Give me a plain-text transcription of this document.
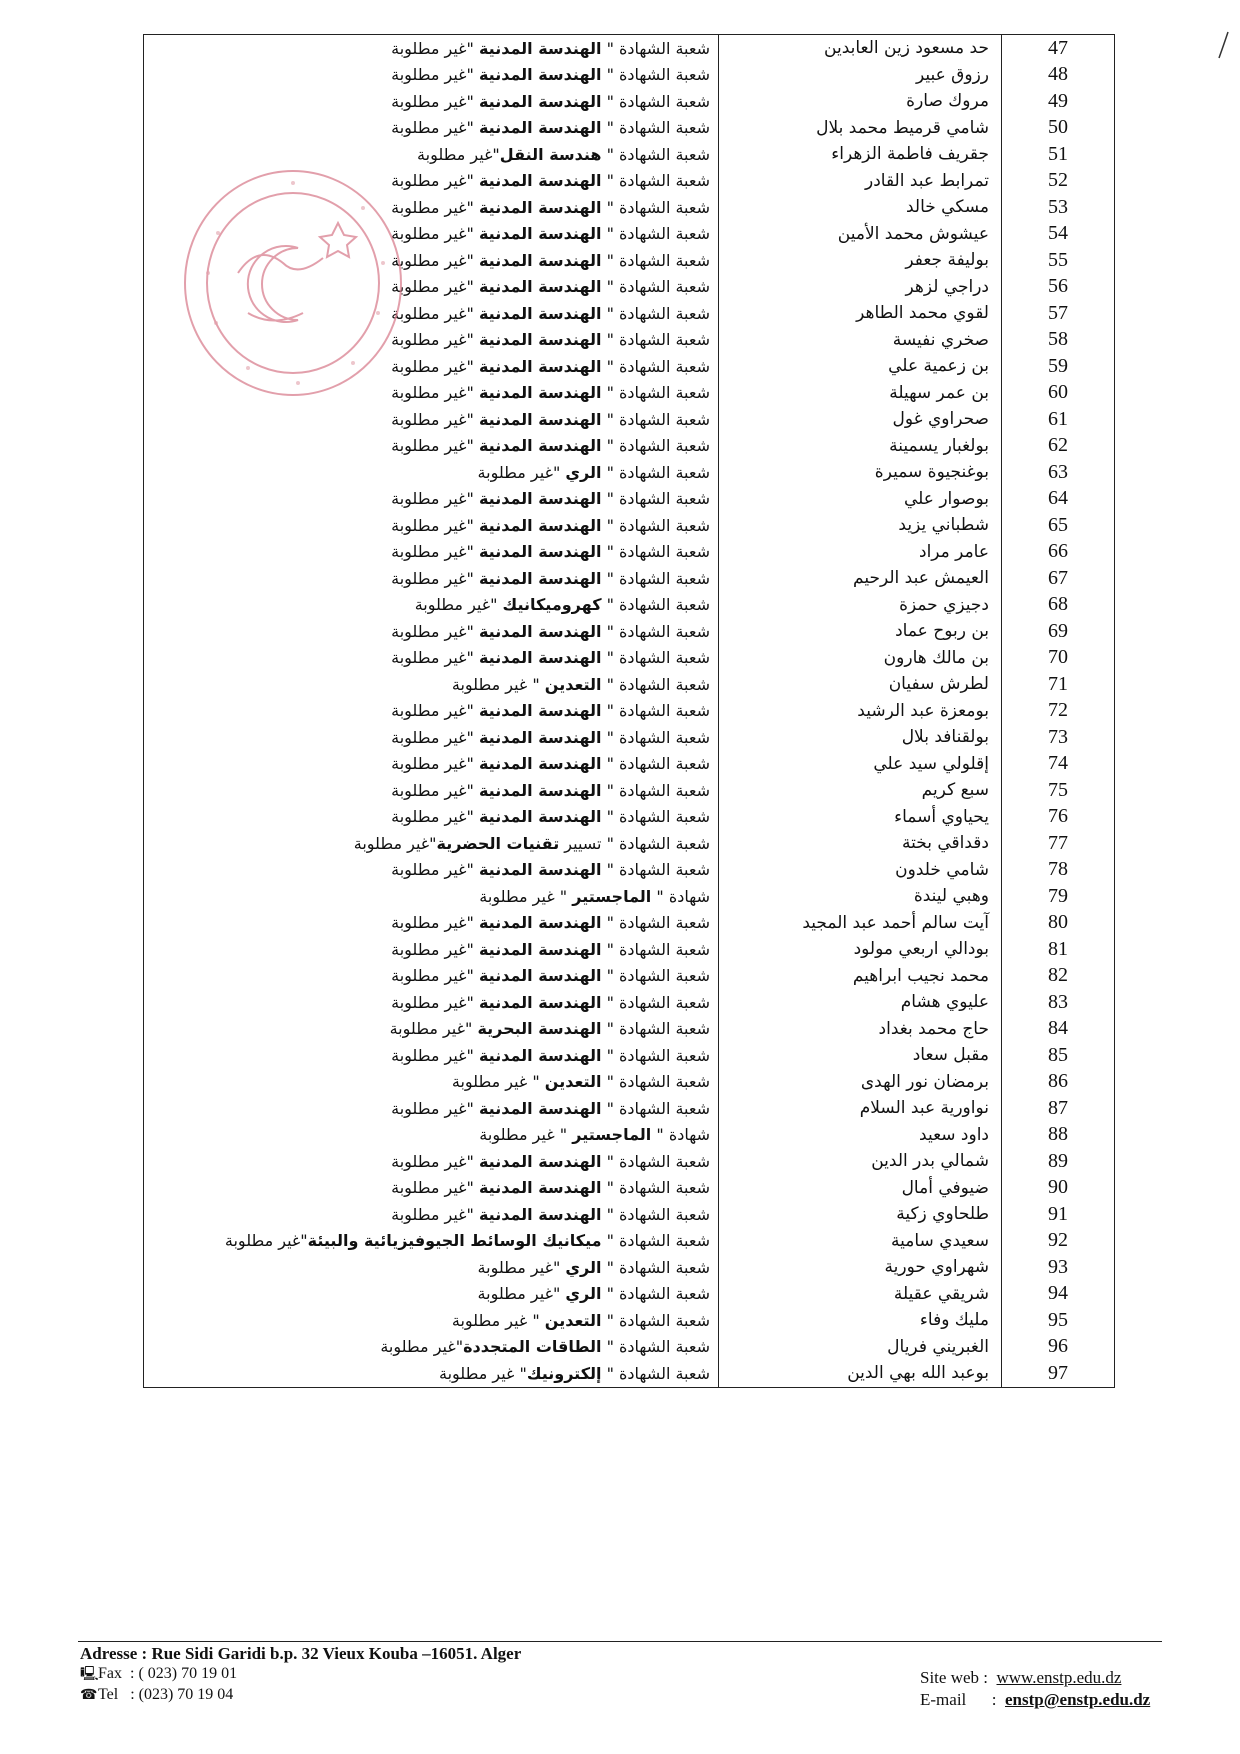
47	حد مسعود زين العابدين	شعبة الشهادة " الهندسة المدنية "غير مطلوبة
48	رزوق عبير	شعبة الشهادة " الهندسة المدنية "غير مطلوبة
49	مروك صارة	شعبة الشهادة " الهندسة المدنية "غير مطلوبة
50	شامي قرميط محمد بلال	شعبة الشهادة " الهندسة المدنية "غير مطلوبة
51	جقريف فاطمة الزهراء	شعبة الشهادة " هندسة النقل"غير مطلوبة
52	تمرابط عبد القادر	شعبة الشهادة " الهندسة المدنية "غير مطلوبة
53	مسكي خالد	شعبة الشهادة " الهندسة المدنية "غير مطلوبة
54	عيشوش محمد الأمين	شعبة الشهادة " الهندسة المدنية "غير مطلوبة
55	بوليفة جعفر	شعبة الشهادة " الهندسة المدنية "غير مطلوبة
56	دراجي لزهر	شعبة الشهادة " الهندسة المدنية "غير مطلوبة
57	لقوي محمد الطاهر	شعبة الشهادة " الهندسة المدنية "غير مطلوبة
58	صخري نفيسة	شعبة الشهادة " الهندسة المدنية "غير مطلوبة
59	بن زعمية علي	شعبة الشهادة " الهندسة المدنية "غير مطلوبة
60	بن عمر سهيلة	شعبة الشهادة " الهندسة المدنية "غير مطلوبة
61	صحراوي غول	شعبة الشهادة " الهندسة المدنية "غير مطلوبة
62	بولغبار يسمينة	شعبة الشهادة " الهندسة المدنية "غير مطلوبة
63	بوغنجيوة سميرة	شعبة الشهادة " الري "غير مطلوبة
64	بوصوار علي	شعبة الشهادة " الهندسة المدنية "غير مطلوبة
65	شطباني يزيد	شعبة الشهادة " الهندسة المدنية "غير مطلوبة
66	عامر مراد	شعبة الشهادة " الهندسة المدنية "غير مطلوبة
67	العيمش عبد الرحيم	شعبة الشهادة " الهندسة المدنية "غير مطلوبة
68	دجيزي حمزة	شعبة الشهادة " كهروميكانيك "غير مطلوبة
69	بن ربوح عماد	شعبة الشهادة " الهندسة المدنية "غير مطلوبة
70	بن مالك هارون	شعبة الشهادة " الهندسة المدنية "غير مطلوبة
71	لطرش سفيان	شعبة الشهادة " التعدين " غير مطلوبة
72	بومعزة عبد الرشيد	شعبة الشهادة " الهندسة المدنية "غير مطلوبة
73	بولقنافد بلال	شعبة الشهادة " الهندسة المدنية "غير مطلوبة
74	إقلولي سيد علي	شعبة الشهادة " الهندسة المدنية "غير مطلوبة
75	سبع كريم	شعبة الشهادة " الهندسة المدنية "غير مطلوبة
76	يحياوي أسماء	شعبة الشهادة " الهندسة المدنية "غير مطلوبة
77	دقداقي بختة	شعبة الشهادة " تسيير تقنيات الحضرية"غير مطلوبة
78	شامي خلدون	شعبة الشهادة " الهندسة المدنية "غير مطلوبة
79	وهبي ليندة	شهادة " الماجستير " غير مطلوبة
80	آيت سالم أحمد عبد المجيد	شعبة الشهادة " الهندسة المدنية "غير مطلوبة
81	بودالي اربعي مولود	شعبة الشهادة " الهندسة المدنية "غير مطلوبة
82	محمد نجيب ابراهيم	شعبة الشهادة " الهندسة المدنية "غير مطلوبة
83	عليوي هشام	شعبة الشهادة " الهندسة المدنية "غير مطلوبة
84	حاج محمد بغداد	شعبة الشهادة " الهندسة البحرية "غير مطلوبة
85	مقبل سعاد	شعبة الشهادة " الهندسة المدنية "غير مطلوبة
86	برمضان نور الهدى	شعبة الشهادة " التعدين " غير مطلوبة
87	نواورية عبد السلام	شعبة الشهادة " الهندسة المدنية "غير مطلوبة
88	داود سعيد	شهادة " الماجستير " غير مطلوبة
89	شمالي بدر الدين	شعبة الشهادة " الهندسة المدنية "غير مطلوبة
90	ضيوفي أمال	شعبة الشهادة " الهندسة المدنية "غير مطلوبة
91	طلحاوي زكية	شعبة الشهادة " الهندسة المدنية "غير مطلوبة
92	سعيدي سامية	شعبة الشهادة " ميكانيك الوسائط الجيوفيزيائية والبيئة"غير مطلوبة
93	شهراوي حورية	شعبة الشهادة " الري "غير مطلوبة
94	شريقي عقيلة	شعبة الشهادة " الري "غير مطلوبة
95	مليك وفاء	شعبة الشهادة " التعدين " غير مطلوبة
96	الغبريني فريال	شعبة الشهادة " الطاقات المتجددة"غير مطلوبة
97	بوعبد الله بهي الدين	شعبة الشهادة " إلكترونيك" غير مطلوبة
Adresse : Rue Sidi Garidi b.p. 32 Vieux Kouba –16051. Alger
🖳Fax : ( 023) 70 19 01
☎Tel : (023) 70 19 04
Site web : www.enstp.edu.dz
E-mail      :  enstp@enstp.edu.dz
